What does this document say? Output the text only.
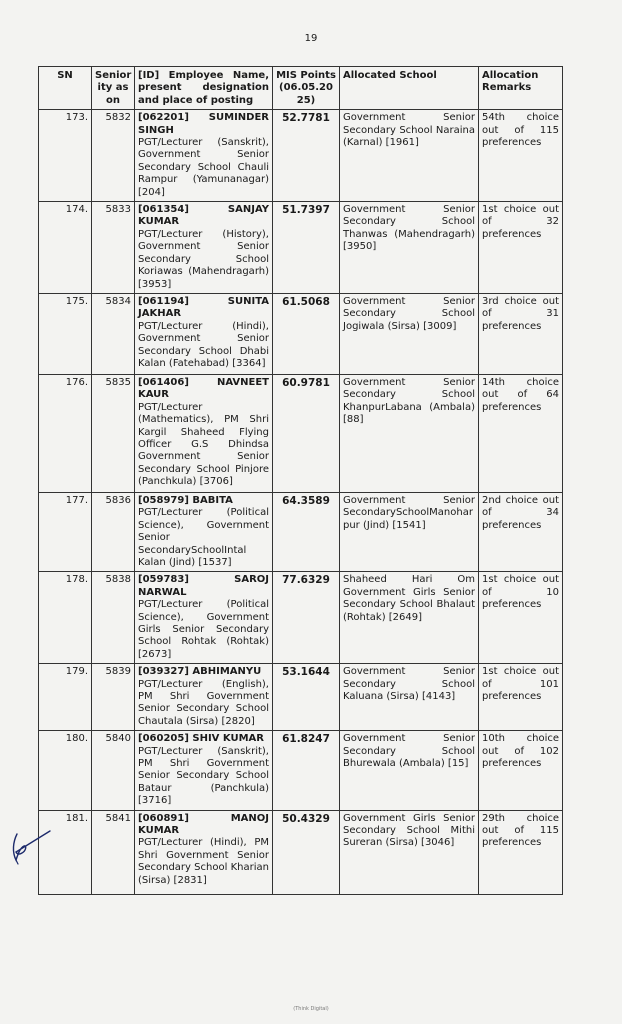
19
SN	Senior ity as on	[ID] Employee Name, present designation and place of posting	MIS Points (06.05.20 25)	Allocated School	Allocation Remarks
173.	5832	[062201] SUMINDER
SINGH
PGT/Lecturer (Sanskrit), Government Senior Secondary School Chauli Rampur (Yamunanagar) [204]	52.7781	Government Senior Secondary School Naraina (Karnal) [1961]	54th choice out of 115 preferences
174.	5833	[061354] SANJAY
KUMAR
PGT/Lecturer (History), Government Senior Secondary School Koriawas (Mahendragarh) [3953]	51.7397	Government Senior Secondary School Thanwas (Mahendragarh) [3950]	1st choice out of 32 preferences
175.	5834	[061194] SUNITA
JAKHAR
PGT/Lecturer (Hindi), Government Senior Secondary School Dhabi Kalan (Fatehabad) [3364]	61.5068	Government Senior Secondary School Jogiwala (Sirsa) [3009]	3rd choice out of 31 preferences
176.	5835	[061406] NAVNEET
KAUR
PGT/Lecturer (Mathematics), PM Shri Kargil Shaheed Flying Officer G.S Dhindsa Government Senior Secondary School Pinjore (Panchkula) [3706]	60.9781	Government Senior Secondary School KhanpurLabana (Ambala) [88]	14th choice out of 64 preferences
177.	5836	[058979] BABITA
PGT/Lecturer (Political Science), Government Senior SecondarySchoolIntal Kalan (Jind) [1537]	64.3589	Government Senior SecondarySchoolManohar pur (Jind) [1541]	2nd choice out of 34 preferences
178.	5838	[059783] SAROJ
NARWAL
PGT/Lecturer (Political Science), Government Girls Senior Secondary School Rohtak (Rohtak) [2673]	77.6329	Shaheed Hari Om Government Girls Senior Secondary School Bhalaut (Rohtak) [2649]	1st choice out of 10 preferences
179.	5839	[039327] ABHIMANYU
PGT/Lecturer (English), PM Shri Government Senior Secondary School Chautala (Sirsa) [2820]	53.1644	Government Senior Secondary School Kaluana (Sirsa) [4143]	1st choice out of 101 preferences
180.	5840	[060205] SHIV KUMAR
PGT/Lecturer (Sanskrit), PM Shri Government Senior Secondary School Bataur (Panchkula) [3716]	61.8247	Government Senior Secondary School Bhurewala (Ambala) [15]	10th choice out of 102 preferences
181.	5841	[060891] MANOJ
KUMAR
PGT/Lecturer (Hindi), PM Shri Government Senior Secondary School Kharian (Sirsa) [2831]	50.4329	Government Girls Senior Secondary School Mithi Sureran (Sirsa) [3046]	29th choice out of 115 preferences
(Think Digital)
